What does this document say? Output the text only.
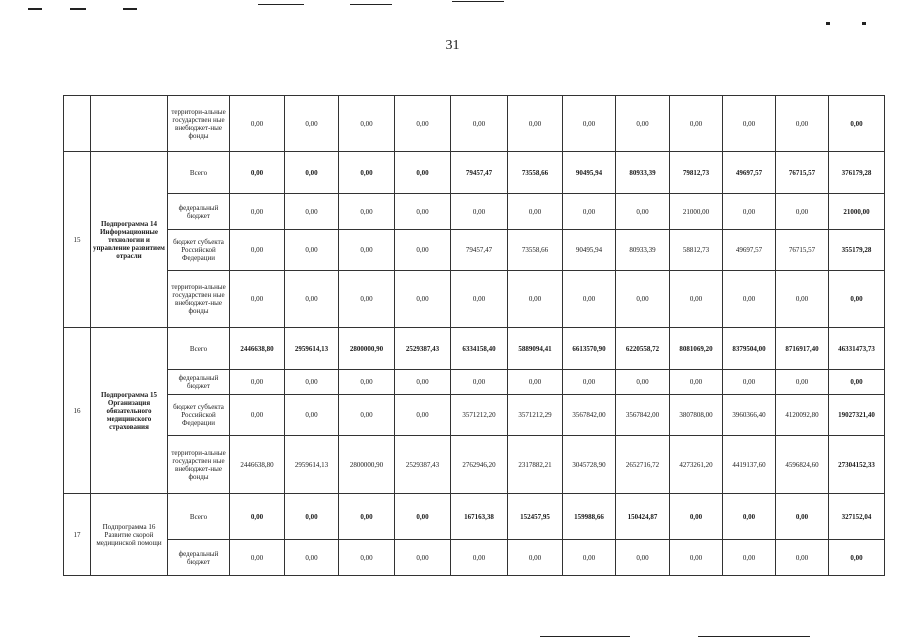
31
		территори-альные государствен ные внебюджет-ные фонды	0,00	0,00	0,00	0,00	0,00	0,00	0,00	0,00	0,00	0,00	0,00	0,00
15	Подпрограмма 14 Информационные технологии и управление развитием отрасли	Всего	0,00	0,00	0,00	0,00	79457,47	73558,66	90495,94	80933,39	79812,73	49697,57	76715,57	376179,28
		федеральный бюджет	0,00	0,00	0,00	0,00	0,00	0,00	0,00	0,00	21000,00	0,00	0,00	21000,00
		бюджет субъекта Российской Федерации	0,00	0,00	0,00	0,00	79457,47	73558,66	90495,94	80933,39	58812,73	49697,57	76715,57	355179,28
		территори-альные государствен ные внебюджет-ные фонды	0,00	0,00	0,00	0,00	0,00	0,00	0,00	0,00	0,00	0,00	0,00	0,00
16	Подпрограмма 15 Организация обязательного медицинского страхования	Всего	2446638,80	2959614,13	2800000,90	2529387,43	6334158,40	5889094,41	6613570,90	6220558,72	8081069,20	8379504,00	8716917,40	46331473,73
		федеральный бюджет	0,00	0,00	0,00	0,00	0,00	0,00	0,00	0,00	0,00	0,00	0,00	0,00
		бюджет субъекта Российской Федерации	0,00	0,00	0,00	0,00	3571212,20	3571212,29	3567842,00	3567842,00	3807808,00	3960366,40	4120092,80	19027321,40
		территори-альные государствен ные внебюджет-ные фонды	2446638,80	2959614,13	2800000,90	2529387,43	2762946,20	2317882,21	3045728,90	2652716,72	4273261,20	4419137,60	4596824,60	27304152,33
17	Подпрограмма 16 Развитие скорой медицинской помощи	Всего	0,00	0,00	0,00	0,00	167163,38	152457,95	159988,66	150424,87	0,00	0,00	0,00	327152,04
		федеральный бюджет	0,00	0,00	0,00	0,00	0,00	0,00	0,00	0,00	0,00	0,00	0,00	0,00
